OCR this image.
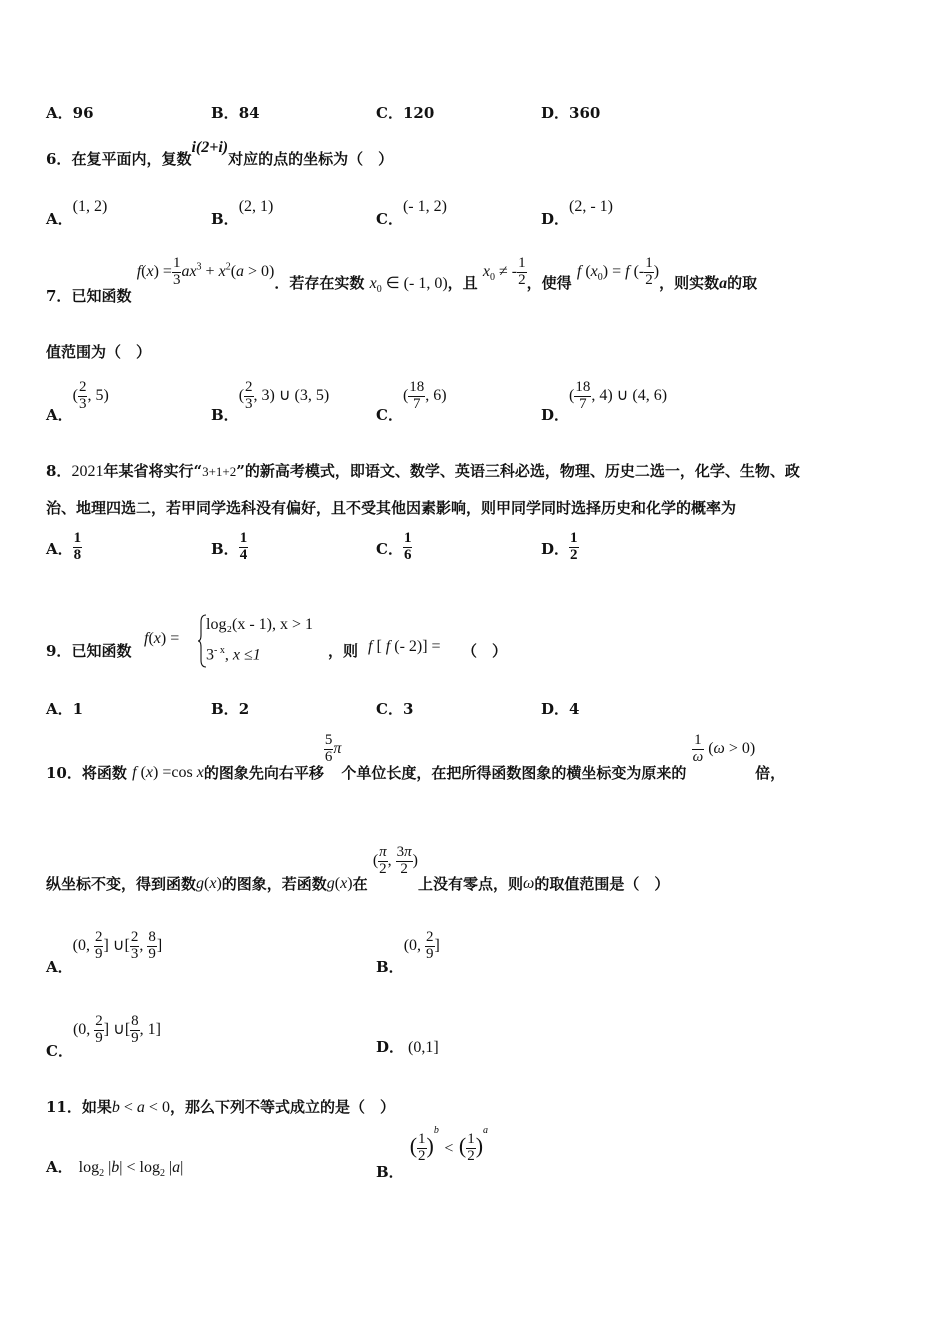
A．96	B．84	C．120	D．360
6．在复平面内，复数i(2+i)对应的点的坐标为（　）
A．(1, 2)
B．(2, 1)
C．(- 1, 2)
D．(2, - 1)
7．已知函数 $f(x) = \frac{1}{3} ax^3 + x^2(a > 0)$．若存在实数 $x_0$ ∈ (- 1, 0)，且 $x_0$ ≠ - $\frac{1}{2}$ ，使得 f $(x_0) = f$ (- $\frac{1}{2}$ )，则实数a的取
值范围为（　）
A．( $\frac{2}{3}$ , 5)
B．( $\frac{2}{3}$ , 3) ∪ (3, 5)
C．( $\frac{18}{7}$ , 6)
D．( $\frac{18}{7}$ , 4) ∪ (4, 6)
8．2021年某省将实行“3+1+2”的新高考模式，即语文、数学、英语三科必选，物理、历史二选一，化学、生物、政
治、地理四选二，若甲同学选科没有偏好，且不受其他因素影响，则甲同学同时选择历史和化学的概率为
A． $\frac{1}{8}$	B． $\frac{1}{4}$	C． $\frac{1}{6}$	D． $\frac{1}{2}$
9．已知函数
f(x) =
log₂(x - 1), x > 1
$3^{- x}$, x ≤1	，则 f [ f (- 2)] = （　）
A．1	B．2	C．3	D．4
10．将函数 f (x) =cos x的图象先向右平移
$\frac{5}{6}$ π个单位长度，在把所得函数图象的横坐标变为原来的
$\frac{1}{\omega} (\omega > 0)$倍，
纵坐标不变，得到函数g(x)的图象，若函数g(x)在 ( $\frac{\pi}{2}$ , $\frac{3\pi}{2}$ )上没有零点，则ω的取值范围是（　）
A．(0, $\frac{2}{9}$ ] ∪[ $\frac{2}{3}$ , $\frac{8}{9}$ ]
B．(0, $\frac{2}{9}$ ]
C．(0, $\frac{2}{9}$ ] ∪[ $\frac{8}{9}$ , 1]
D． (0,1]
11．如果b < a < 0，那么下列不等式成立的是（　）
A． $\log_2 |b| < \log_2 |a|$	B．( $\frac{1}{2} )^b$ < ( $\frac{1}{2} )^a$
